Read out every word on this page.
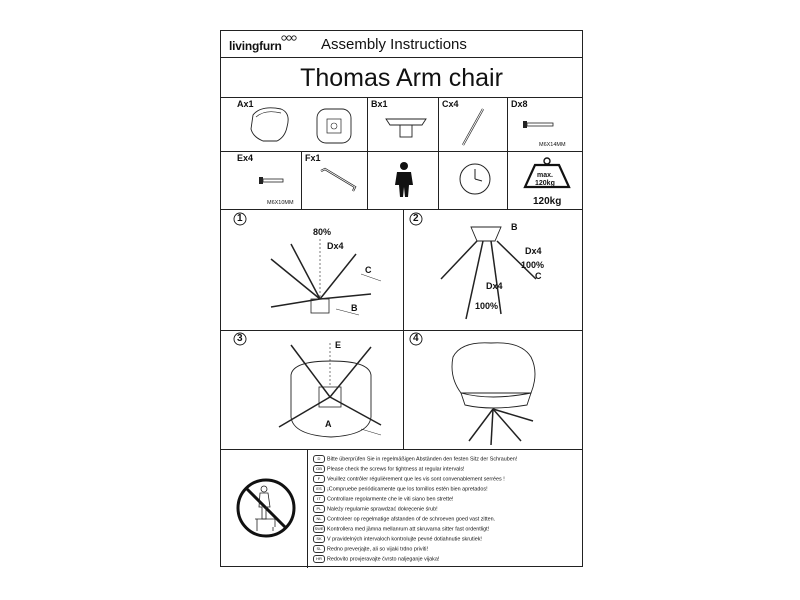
livingfurn	Assembly Instructions
Thomas Arm chair
Ax1	Bx1	Cx4	Dx8
M6X14MM
Ex4
M6X10MM
Fx1
max.
120kg
120kg
1
80%
Dx4
C
B
2
B
Dx4
100%
C
Dx4
100%
3
E
A
4
D Bitte überprüfen Sie in regelmäßigen Abständen den festen Sitz der Schrauben!
GB Please check the screws for tightness at regular intervals!
F Veuillez contrôler régulièrement que les vis sont convenablement serrées !
ES ¡Compruebe periódicamente que los tornillos estén bien apretados!
IT Controllare regolarmente che le viti siano ben strette!
PL Należy regularnie sprawdzać dokręcenie śrub!
NL Controleer op regelmatige afstanden of de schroeven goed vast zitten.
SWE Kontrollera med jämna mellanrum att skruvarna sitter fast ordentligt!
SK V pravidelných intervaloch kontrolujte pevné dotiahnutie skrutiek!
SL Redno preverjajte, ali so vijaki trdno priviti!
HR Redovito provjeravajte čvrsto naljeganje vijaka!
